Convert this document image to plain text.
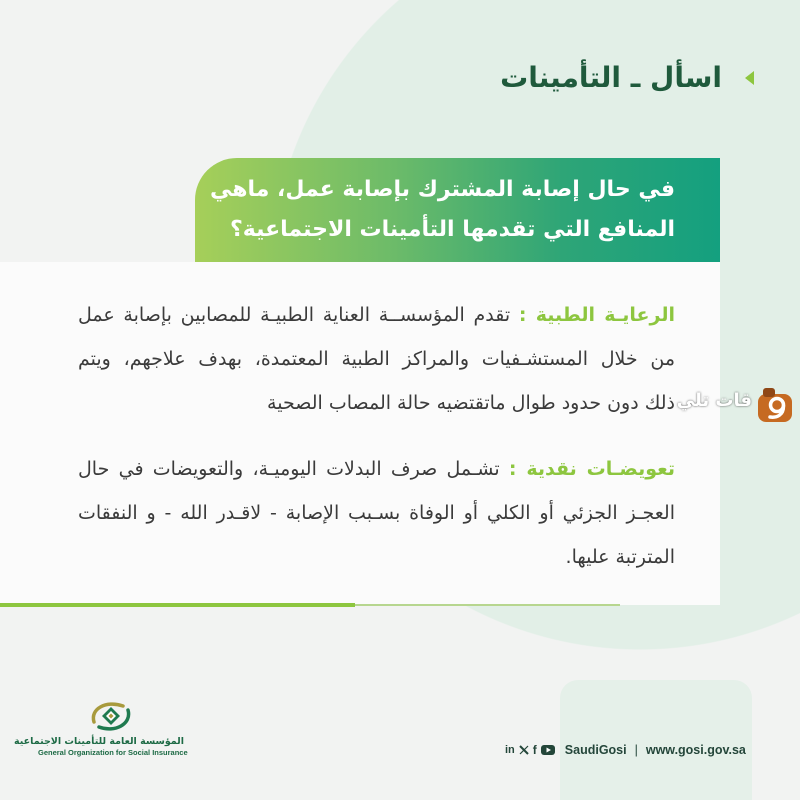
اسأل ـ التأمينات
في حال إصابة المشترك بإصابة عمل، ماهي
المنافع التي تقدمها التأمينات الاجتماعية؟
الرعايـة الطبية : تقدم المؤسســة العناية الطبيـة للمصابين بإصابة عمل
من خلال المستشـفيات والمراكز الطبية المعتمدة، بهدف علاجهم، ويتم
ذلك دون حدود طوال ماتقتضيه حالة المصاب الصحية
تعويضـات نقدية : تشـمل صرف البدلات اليوميـة، والتعويضات في حال
العجـز الجزئي أو الكلي أو الوفاة بسـبب الإصابة - لاقـدر الله - و النفقات
المترتبة عليها.
المؤسسة العامة للتأمينات الاجتماعية
General Organization for Social Insurance	in f SaudiGosi | www.gosi.gov.sa
قات تلي
